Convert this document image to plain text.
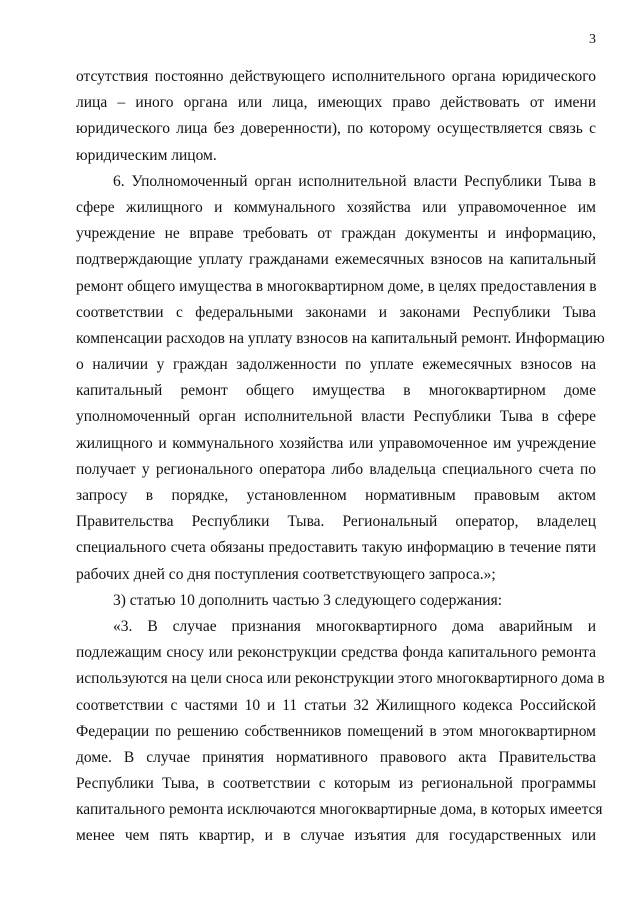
3
отсутствия постоянно действующего исполнительного органа юридического
лица – иного органа или лица, имеющих право действовать от имени
юридического лица без доверенности), по которому осуществляется связь с
юридическим лицом.
6. Уполномоченный орган исполнительной власти Республики Тыва в
сфере жилищного и коммунального хозяйства или управомоченное им
учреждение не вправе требовать от граждан документы и информацию,
подтверждающие уплату гражданами ежемесячных взносов на капитальный
ремонт общего имущества в многоквартирном доме, в целях предоставления в
соответствии с федеральными законами и законами Республики Тыва
компенсации расходов на уплату взносов на капитальный ремонт. Информацию
о наличии у граждан задолженности по уплате ежемесячных взносов на
капитальный ремонт общего имущества в многоквартирном доме
уполномоченный орган исполнительной власти Республики Тыва в сфере
жилищного и коммунального хозяйства или управомоченное им учреждение
получает у регионального оператора либо владельца специального счета по
запросу в порядке, установленном нормативным правовым актом
Правительства Республики Тыва. Региональный оператор, владелец
специального счета обязаны предоставить такую информацию в течение пяти
рабочих дней со дня поступления соответствующего запроса.»;
3) статью 10 дополнить частью 3 следующего содержания:
«3. В случае признания многоквартирного дома аварийным и
подлежащим сносу или реконструкции средства фонда капитального ремонта
используются на цели сноса или реконструкции этого многоквартирного дома в
соответствии с частями 10 и 11 статьи 32 Жилищного кодекса Российской
Федерации по решению собственников помещений в этом многоквартирном
доме. В случае принятия нормативного правового акта Правительства
Республики Тыва, в соответствии с которым из региональной программы
капитального ремонта исключаются многоквартирные дома, в которых имеется
менее чем пять квартир, и в случае изъятия для государственных или
